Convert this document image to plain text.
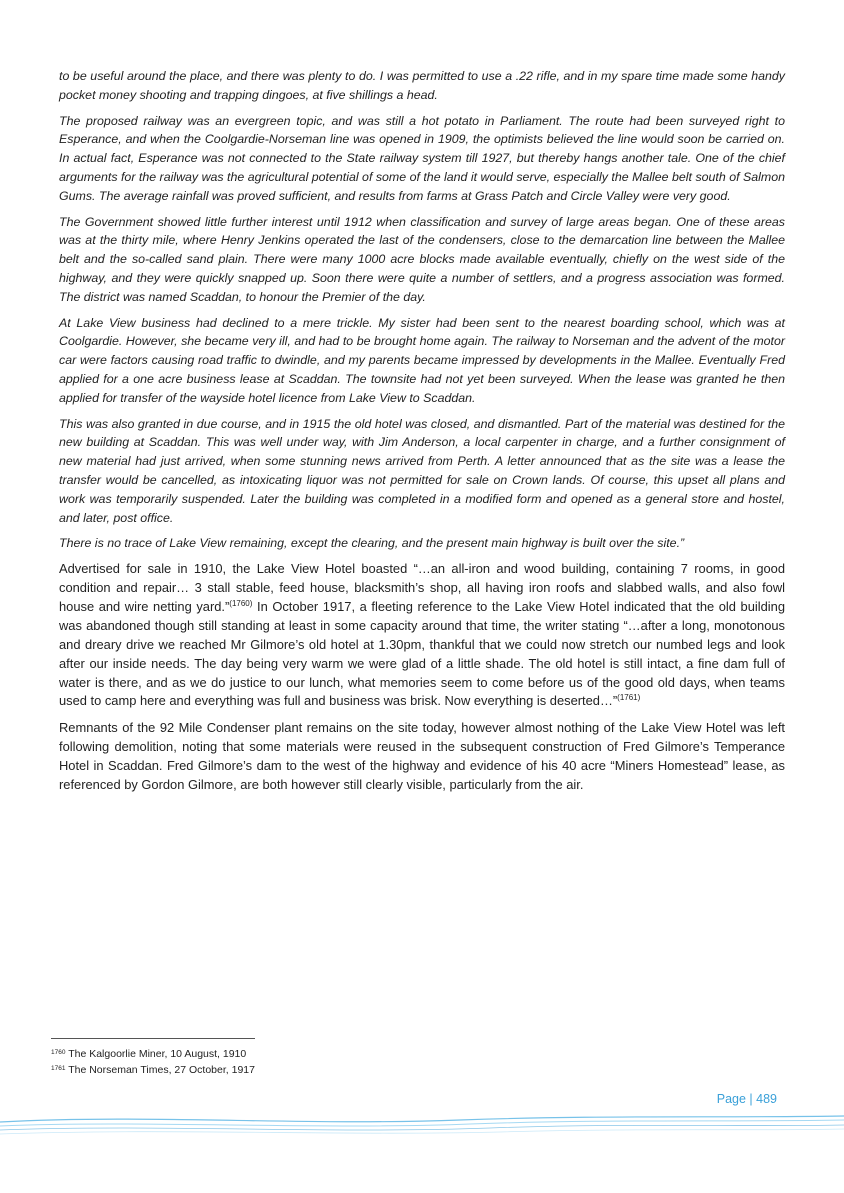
to be useful around the place, and there was plenty to do. I was permitted to use a .22 rifle, and in my spare time made some handy pocket money shooting and trapping dingoes, at five shillings a head.

The proposed railway was an evergreen topic, and was still a hot potato in Parliament. The route had been surveyed right to Esperance, and when the Coolgardie-Norseman line was opened in 1909, the optimists believed the line would soon be carried on. In actual fact, Esperance was not connected to the State railway system till 1927, but thereby hangs another tale. One of the chief arguments for the railway was the agricultural potential of some of the land it would serve, especially the Mallee belt south of Salmon Gums. The average rainfall was proved sufficient, and results from farms at Grass Patch and Circle Valley were very good.

The Government showed little further interest until 1912 when classification and survey of large areas began. One of these areas was at the thirty mile, where Henry Jenkins operated the last of the condensers, close to the demarcation line between the Mallee belt and the so-called sand plain. There were many 1000 acre blocks made available eventually, chiefly on the west side of the highway, and they were quickly snapped up. Soon there were quite a number of settlers, and a progress association was formed. The district was named Scaddan, to honour the Premier of the day.

At Lake View business had declined to a mere trickle. My sister had been sent to the nearest boarding school, which was at Coolgardie. However, she became very ill, and had to be brought home again. The railway to Norseman and the advent of the motor car were factors causing road traffic to dwindle, and my parents became impressed by developments in the Mallee. Eventually Fred applied for a one acre business lease at Scaddan. The townsite had not yet been surveyed. When the lease was granted he then applied for transfer of the wayside hotel licence from Lake View to Scaddan.

This was also granted in due course, and in 1915 the old hotel was closed, and dismantled. Part of the material was destined for the new building at Scaddan. This was well under way, with Jim Anderson, a local carpenter in charge, and a further consignment of new material had just arrived, when some stunning news arrived from Perth. A letter announced that as the site was a lease the transfer would be cancelled, as intoxicating liquor was not permitted for sale on Crown lands. Of course, this upset all plans and work was temporarily suspended. Later the building was completed in a modified form and opened as a general store and hostel, and later, post office.

There is no trace of Lake View remaining, except the clearing, and the present main highway is built over the site.”

Advertised for sale in 1910, the Lake View Hotel boasted “…an all-iron and wood building, containing 7 rooms, in good condition and repair… 3 stall stable, feed house, blacksmith’s shop, all having iron roofs and slabbed walls, and also fowl house and wire netting yard.”$^{(1760)}$ In October 1917, a fleeting reference to the Lake View Hotel indicated that the old building was abandoned though still standing at least in some capacity around that time, the writer stating “…after a long, monotonous and dreary drive we reached Mr Gilmore’s old hotel at 1.30pm, thankful that we could now stretch our numbed legs and look after our inside needs. The day being very warm we were glad of a little shade. The old hotel is still intact, a fine dam full of water is there, and as we do justice to our lunch, what memories seem to come before us of the good old days, when teams used to camp here and everything was full and business was brisk. Now everything is deserted…”$^{(1761)}$

Remnants of the 92 Mile Condenser plant remains on the site today, however almost nothing of the Lake View Hotel was left following demolition, noting that some materials were reused in the subsequent construction of Fred Gilmore’s Temperance Hotel in Scaddan. Fred Gilmore’s dam to the west of the highway and evidence of his 40 acre “Miners Homestead” lease, as referenced by Gordon Gilmore, are both however still clearly visible, particularly from the air.

$^{1760}$ The Kalgoorlie Miner, 10 August, 1910
$^{1761}$ The Norseman Times, 27 October, 1917
Page | 489
